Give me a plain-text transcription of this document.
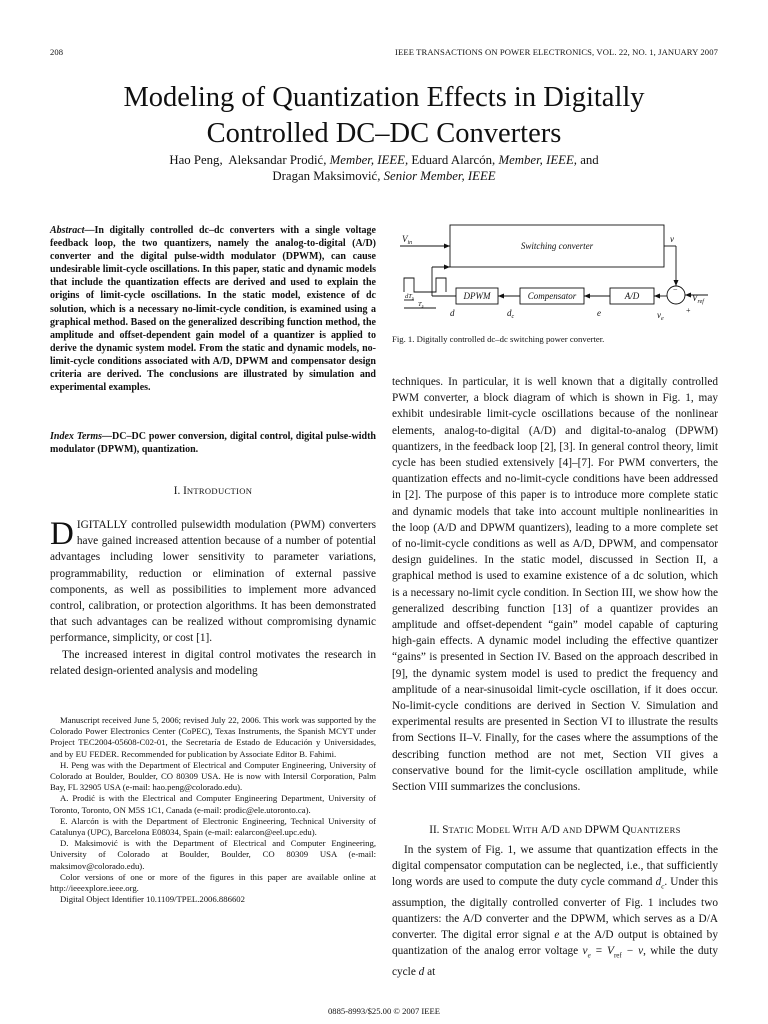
208	IEEE TRANSACTIONS ON POWER ELECTRONICS, VOL. 22, NO. 1, JANUARY 2007
Modeling of Quantization Effects in Digitally
Controlled DC–DC Converters
Hao Peng, Aleksandar Prodić, Member, IEEE, Eduard Alarcón, Member, IEEE, and
Dragan Maksimović, Senior Member, IEEE
Abstract—In digitally controlled dc–dc converters with a single voltage feedback loop, the two quantizers, namely the analog-to-digital (A/D) converter and the digital pulse-width modulator (DPWM), can cause undesirable limit-cycle oscillations. In this paper, static and dynamic models that include the quantization effects are derived and used to explain the origins of limit-cycle oscillations. In the static model, existence of dc solution, which is a necessary no-limit-cycle condition, is examined using a graphical method. Based on the generalized describing function method, the amplitude and offset-dependent gain model of a quantizer is applied to derive the dynamic system model. From the static and dynamic models, no-limit-cycle conditions associated with A/D, DPWM and compensator design criteria are derived. The conclusions are illustrated by simulation and experimental examples.
Index Terms—DC–DC power conversion, digital control, digital pulse-width modulator (DPWM), quantization.
I. INTRODUCTION

DIGITALLY controlled pulsewidth modulation (PWM) converters have gained increased attention because of a number of potential advantages including lower sensitivity to parameter variations, programmability, reduction or elimination of external passive components, as well as possibilities to implement more advanced control, calibration, or protection algorithms. It has been demonstrated that such advantages can be realized without compromising dynamic performance, simplicity, or cost [1].

The increased interest in digital control motivates the research in related design-oriented analysis and modeling

Manuscript received June 5, 2006; revised July 22, 2006. This work was supported by the Colorado Power Electronics Center (CoPEC), Texas Instruments, the Spanish MCYT under Project TEC2004-05608-C02-01, the Secretaría de Estado de Educación y Universidades, and by EU FEDER. Recommended for publication by Associate Editor B. Fahimi.

H. Peng was with the Department of Electrical and Computer Engineering, University of Colorado at Boulder, Boulder, CO 80309 USA. He is now with Intersil Corporation, Palm Bay, FL 32905 USA (e-mail: hao.peng@colorado.edu).

A. Prodić is with the Electrical and Computer Engineering Department, University of Toronto, Toronto, ON M5S 1C1, Canada (e-mail: prodic@ele.utoronto.ca).

E. Alarcón is with the Department of Electronic Engineering, Technical University of Catalunya (UPC), Barcelona E08034, Spain (e-mail: ealarcon@eel.upc.edu).

D. Maksimović is with the Department of Electrical and Computer Engineering, University of Colorado at Boulder, Boulder, CO 80309 USA (e-mail: maksimov@colorado.edu).

Color versions of one or more of the figures in this paper are available online at http://ieeexplore.ieee.org.

Digital Object Identifier 10.1109/TPEL.2006.886602

$V_{in}$	Switching converter
v
DPWM	Compensator	A/D	$V_{ref}$
−
+
d	$d_c$	e	$v_e$
$dT_s$
$T_s$
Fig. 1. Digitally controlled dc–dc switching power converter.

techniques. In particular, it is well known that a digitally controlled PWM converter, a block diagram of which is shown in Fig. 1, may exhibit undesirable limit-cycle oscillations because of the nonlinear elements, analog-to-digital (A/D) and digital-to-analog (DPWM) quantizers, in the feedback loop [2], [3]. In general control theory, limit cycle has been studied extensively [4]–[7]. For PWM converters, the quantization effects and no-limit-cycle conditions have been addressed in [2]. The purpose of this paper is to introduce more complete static and dynamic models that take into account multiple nonlinearities in the loop (A/D and DPWM quantizers), leading to a more complete set of no-limit-cycle conditions as well as A/D, DPWM, and compensator design guidelines. In the static model, discussed in Section II, a graphical method is used to examine existence of a dc solution, which is a necessary no-limit cycle condition. In Section III, we show how the generalized describing function [13] of a quantizer provides an amplitude and offset-dependent “gain” model capable of capturing high-gain effects. A dynamic model including the effective quantizer “gains” is presented in Section IV. Based on the approach described in [9], the dynamic system model is used to predict the frequency and amplitude of a near-sinusoidal limit-cycle oscillation, if it does occur. No-limit-cycle conditions are derived in Section V. Simulation and experimental results are presented in Section VI to illustrate the results from Sections II–V. Finally, for the cases where the assumptions of the describing function method are not met, Section VII gives a conservative bound for the limit-cycle oscillation amplitude, while Section VIII summarizes the conclusions.

II. STATIC MODEL WITH A/D AND DPWM QUANTIZERS

In the system of Fig. 1, we assume that quantization effects in the digital compensator computation can be neglected, i.e., that sufficiently long words are used to compute the duty cycle command $d_c$. Under this assumption, the digitally controlled converter of Fig. 1 includes two quantizers: the A/D converter and the DPWM, which serves as a D/A converter. The digital error signal e at the A/D output is obtained by quantization of the analog error voltage $v_e = V_{ref} - v$, while the duty cycle d at

0885-8993/$25.00 © 2007 IEEE
